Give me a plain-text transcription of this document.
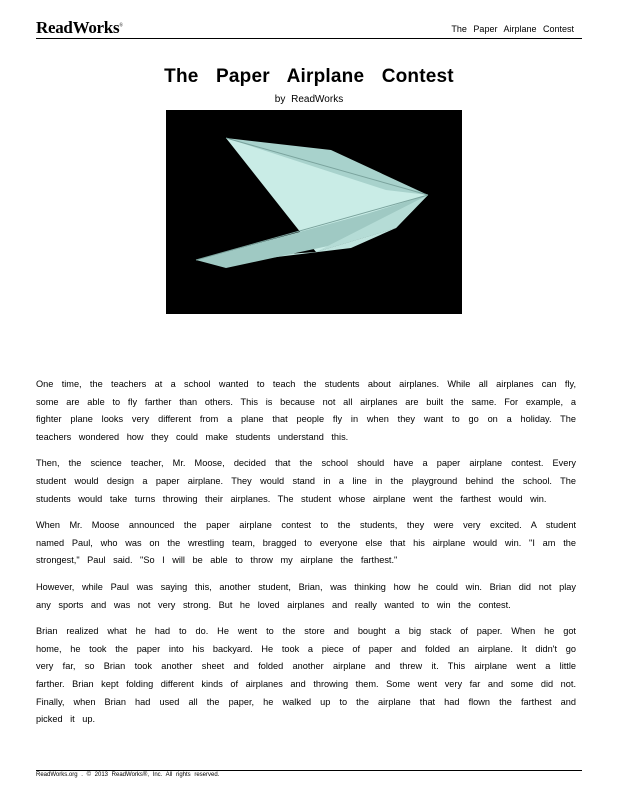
ReadWorks®	The Paper Airplane Contest
The Paper Airplane Contest
by ReadWorks

One time, the teachers at a school wanted to teach the students about airplanes. While all airplanes can fly, some are able to fly farther than others. This is because not all airplanes are built the same. For example, a fighter plane looks very different from a plane that people fly in when they want to go on a holiday. The teachers wondered how they could make students understand this.

Then, the science teacher, Mr. Moose, decided that the school should have a paper airplane contest. Every student would design a paper airplane. They would stand in a line in the playground behind the school. The students would take turns throwing their airplanes. The student whose airplane went the farthest would win.

When Mr. Moose announced the paper airplane contest to the students, they were very excited. A student named Paul, who was on the wrestling team, bragged to everyone else that his airplane would win. "I am the strongest," Paul said. "So I will be able to throw my airplane the farthest."

However, while Paul was saying this, another student, Brian, was thinking how he could win. Brian did not play any sports and was not very strong. But he loved airplanes and really wanted to win the contest.

Brian realized what he had to do. He went to the store and bought a big stack of paper. When he got home, he took the paper into his backyard. He took a piece of paper and folded an airplane. It didn't go very far, so Brian took another sheet and folded another airplane and threw it. This airplane went a little farther. Brian kept folding different kinds of airplanes and throwing them. Some went very far and some did not. Finally, when Brian had used all the paper, he walked up to the airplane that had flown the farthest and picked it up.

ReadWorks.org . © 2013 ReadWorks®, Inc. All rights reserved.
